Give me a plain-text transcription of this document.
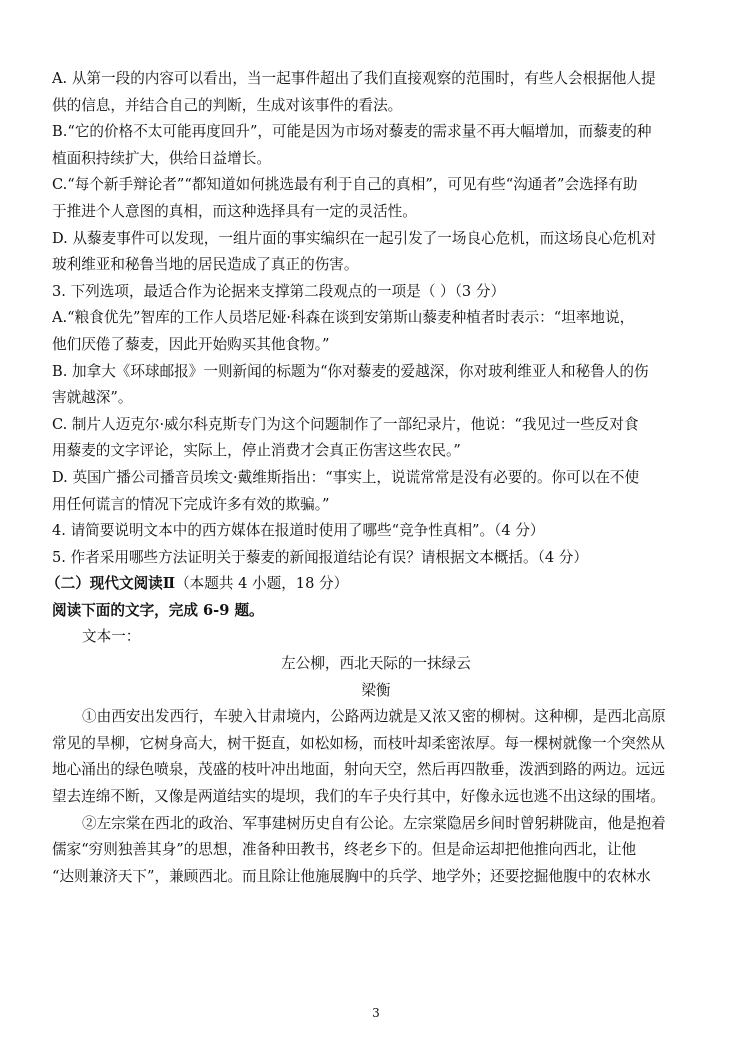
A. 从第一段的内容可以看出，当一起事件超出了我们直接观察的范围时，有些人会根据他人提
供的信息，并结合自己的判断，生成对该事件的看法。
B.“它的价格不太可能再度回升”，可能是因为市场对藜麦的需求量不再大幅增加，而藜麦的种
植面积持续扩大，供给日益增长。
C.“每个新手辩论者”“都知道如何挑选最有利于自己的真相”，可见有些“沟通者”会选择有助
于推进个人意图的真相，而这种选择具有一定的灵活性。
D. 从藜麦事件可以发现，一组片面的事实编织在一起引发了一场良心危机，而这场良心危机对
玻利维亚和秘鲁当地的居民造成了真正的伤害。
3. 下列选项，最适合作为论据来支撑第二段观点的一项是（ ）（3 分）
A.“粮食优先”智库的工作人员塔尼娅·科森在谈到安第斯山藜麦种植者时表示：“坦率地说，
他们厌倦了藜麦，因此开始购买其他食物。”
B. 加拿大《环球邮报》一则新闻的标题为“你对藜麦的爱越深，你对玻利维亚人和秘鲁人的伤
害就越深”。
C. 制片人迈克尔·威尔科克斯专门为这个问题制作了一部纪录片，他说：“我见过一些反对食
用藜麦的文字评论，实际上，停止消费才会真正伤害这些农民。”
D. 英国广播公司播音员埃文·戴维斯指出：“事实上，说谎常常是没有必要的。你可以在不使
用任何谎言的情况下完成许多有效的欺骗。”
4. 请简要说明文本中的西方媒体在报道时使用了哪些“竞争性真相”。（4 分）
5. 作者采用哪些方法证明关于藜麦的新闻报道结论有误？请根据文本概括。（4 分）
（二）现代文阅读Ⅱ（本题共 4 小题，18 分）
阅读下面的文字，完成 6-9 题。
文本一：
左公柳，西北天际的一抹绿云
梁衡
①由西安出发西行，车驶入甘肃境内，公路两边就是又浓又密的柳树。这种柳，是西北高原
常见的旱柳，它树身高大，树干挺直，如松如杨，而枝叶却柔密浓厚。每一棵树就像一个突然从
地心涌出的绿色喷泉，茂盛的枝叶冲出地面，射向天空，然后再四散垂，泼洒到路的两边。远远
望去连绵不断，又像是两道结实的堤坝，我们的车子央行其中，好像永远也逃不出这绿的围堵。
②左宗棠在西北的政治、军事建树历史自有公论。左宗棠隐居乡间时曾躬耕陇亩，他是抱着
儒家“穷则独善其身”的思想，准备种田教书，终老乡下的。但是命运却把他推向西北，让他
“达则兼济天下”，兼顾西北。而且除让他施展胸中的兵学、地学外；还要挖掘他腹中的农林水
3
